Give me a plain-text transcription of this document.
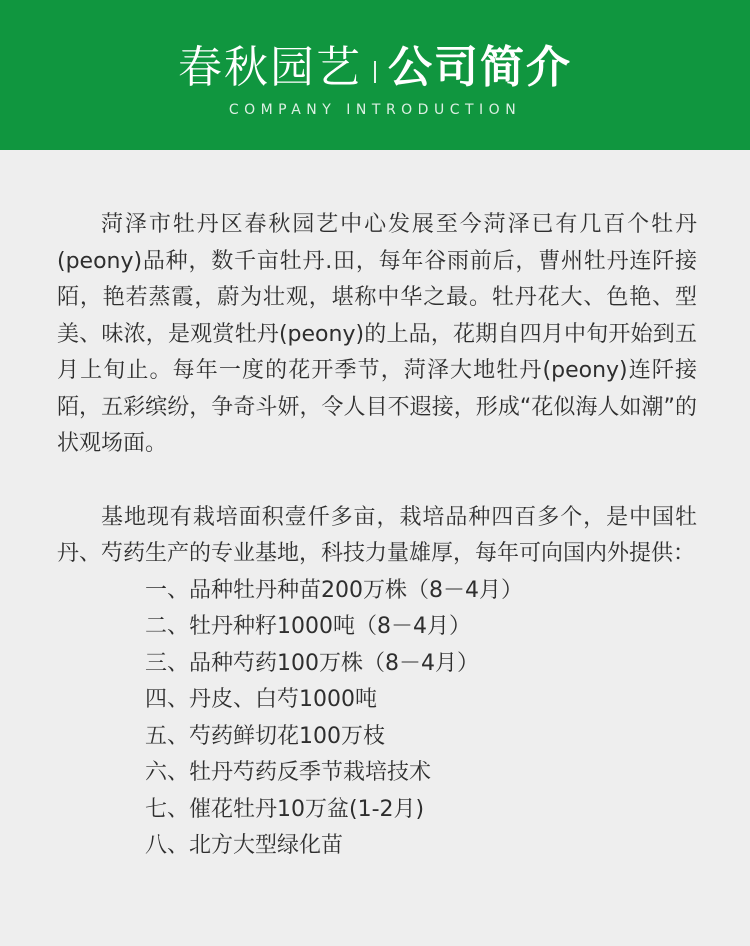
春秋园艺 公司简介
COMPANY INTRODUCTION

菏泽市牡丹区春秋园艺中心发展至今菏泽已有几百个牡丹(peony)品种，数千亩牡丹.田，每年谷雨前后，曹州牡丹连阡接陌，艳若蒸霞，蔚为壮观，堪称中华之最。牡丹花大、色艳、型美、味浓，是观赏牡丹(peony)的上品，花期自四月中旬开始到五月上旬止。每年一度的花开季节，菏泽大地牡丹(peony)连阡接陌，五彩缤纷，争奇斗妍，令人目不遐接，形成“花似海人如潮”的状观场面。

基地现有栽培面积壹仟多亩，栽培品种四百多个，是中国牡丹、芍药生产的专业基地，科技力量雄厚，每年可向国内外提供：

一、品种牡丹种苗200万株（8－4月）
二、牡丹种籽1000吨（8－4月）
三、品种芍药100万株（8－4月）
四、丹皮、白芍1000吨
五、芍药鲜切花100万枝
六、牡丹芍药反季节栽培技术
七、催花牡丹10万盆(1-2月)
八、北方大型绿化苗
